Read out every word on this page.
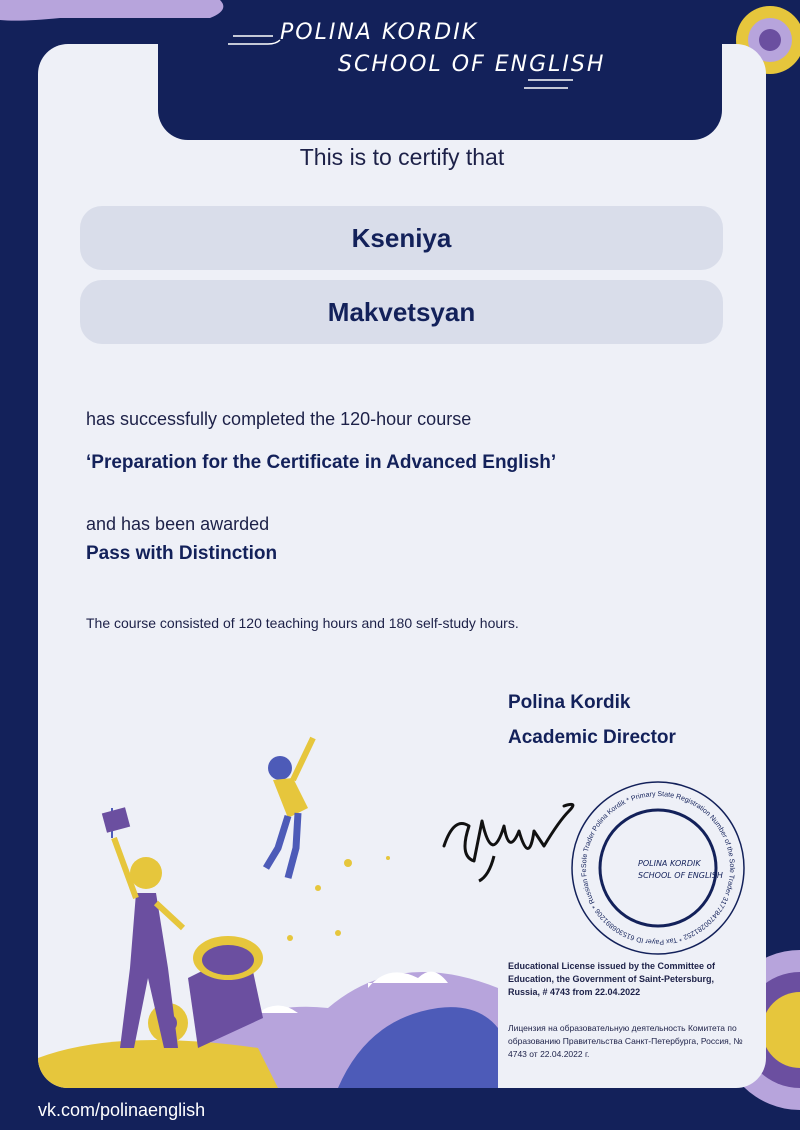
Sole Trader Polina Kordik * Primary State Registration Number of the Sole Trader 317784700281252 * Tax Payer ID 615306891206 * Russian Fe
POLINA KORDIK
SCHOOL OF ENGLISH
POLINA KORDIK
SCHOOL OF ENGLISH
This is to certify that
Kseniya
Makvetsyan
has successfully completed the 120-hour course
‘Preparation for the Certificate in Advanced English’
and has been awarded
Pass with Distinction
The course consisted of 120 teaching hours and 180 self-study hours.
Polina Kordik
Academic Director
Educational License issued by the Committee of Education, the Government of Saint-Petersburg, Russia, # 4743 from 22.04.2022
Лицензия на образовательную деятельность Комитета по образованию Правительства Санкт-Петербурга, Россия, № 4743 от 22.04.2022 г.
vk.com/polinaenglish
